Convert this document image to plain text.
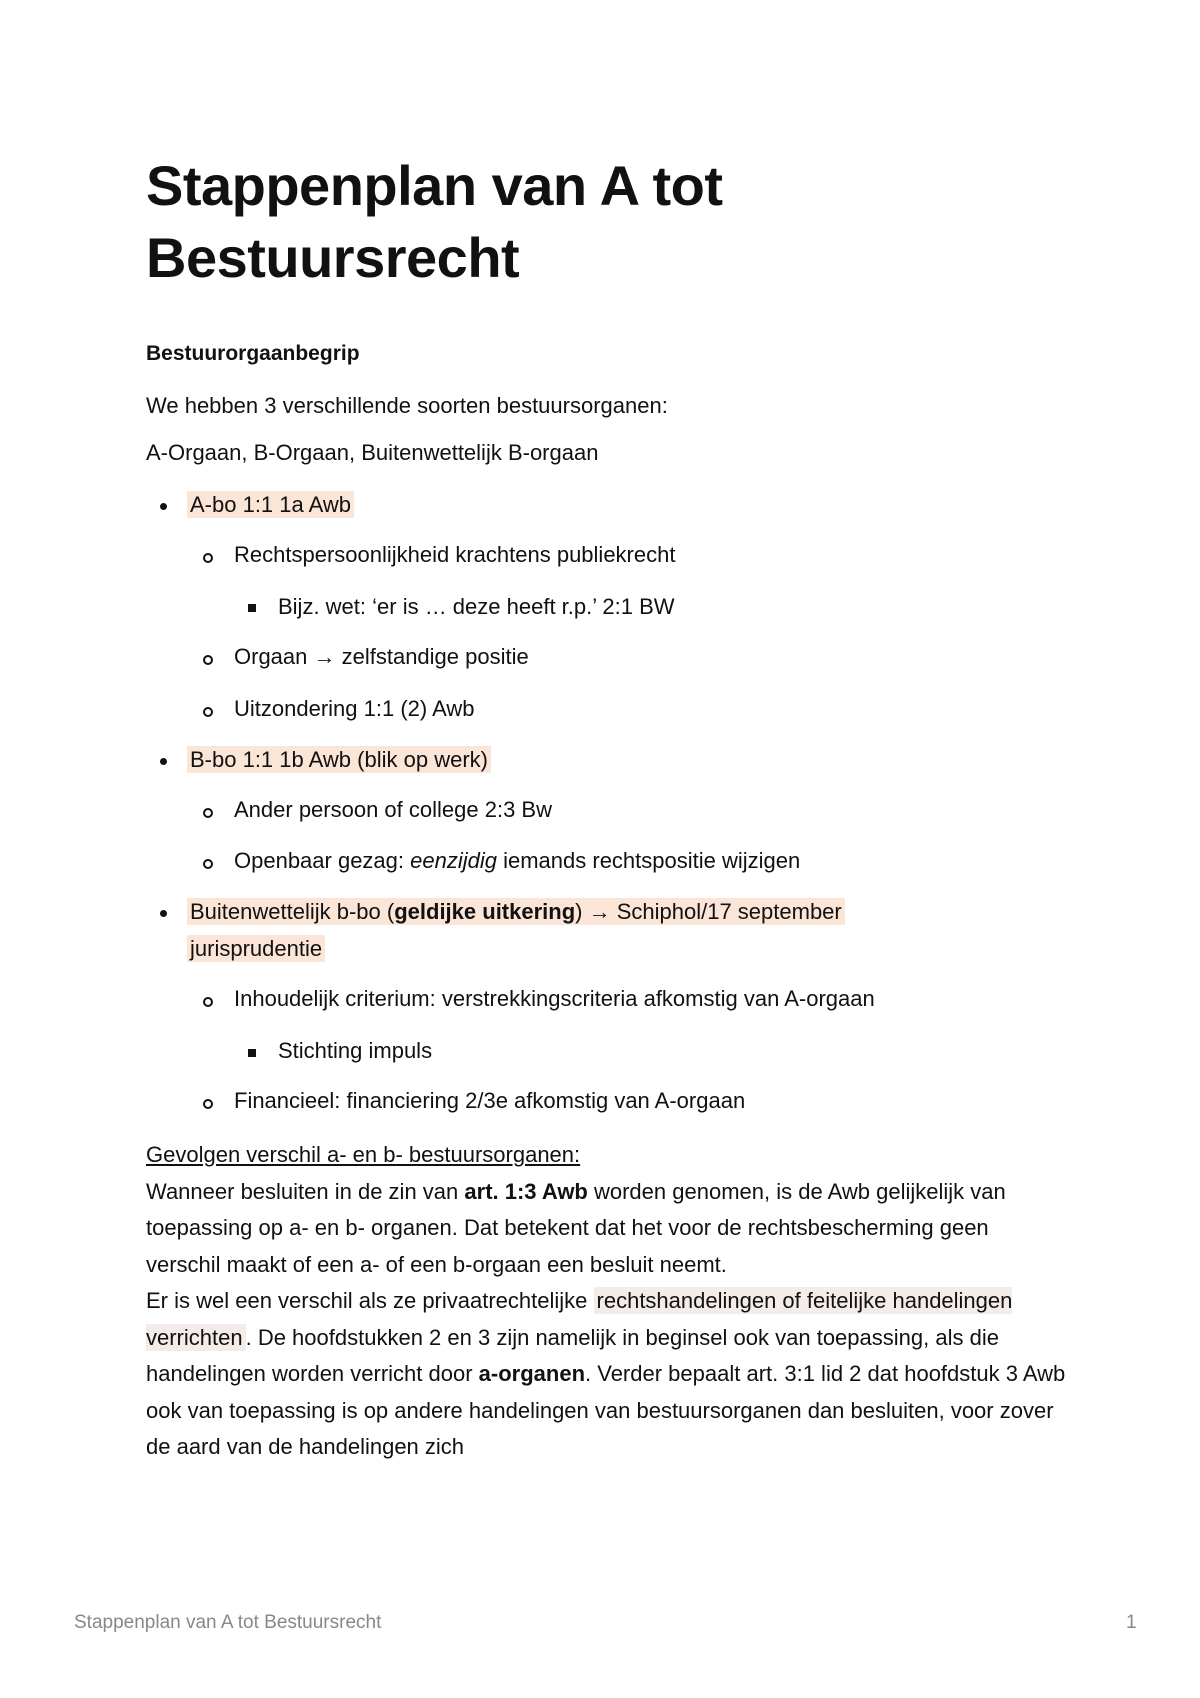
Stappenplan van A tot
Bestuursrecht
Bestuurorgaanbegrip
We hebben 3 verschillende soorten bestuursorganen:
A-Orgaan, B-Orgaan, Buitenwettelijk B-orgaan
A-bo 1:1 1a Awb
Rechtspersoonlijkheid krachtens publiekrecht
Bijz. wet: ‘er is … deze heeft r.p.’ 2:1 BW
Orgaan → zelfstandige positie
Uitzondering 1:1 (2) Awb
B-bo 1:1 1b Awb (blik op werk)
Ander persoon of college 2:3 Bw
Openbaar gezag: eenzijdig iemands rechtspositie wijzigen
Buitenwettelijk b-bo (geldijke uitkering) → Schiphol/17 september
jurisprudentie
Inhoudelijk criterium: verstrekkingscriteria afkomstig van A-orgaan
Stichting impuls
Financieel: financiering 2/3e afkomstig van A-orgaan
Gevolgen verschil a- en b- bestuursorganen:
Wanneer besluiten in de zin van art. 1:3 Awb worden genomen, is de Awb gelijkelijk van toepassing op a- en b- organen. Dat betekent dat het voor de rechtsbescherming geen verschil maakt of een a- of een b-orgaan een besluit neemt.
Er is wel een verschil als ze privaatrechtelijke rechtshandelingen of feitelijke handelingen verrichten . De hoofdstukken 2 en 3 zijn namelijk in beginsel ook van toepassing, als die handelingen worden verricht door a-organen. Verder bepaalt art. 3:1 lid 2 dat hoofdstuk 3 Awb ook van toepassing is op andere handelingen van bestuursorganen dan besluiten, voor zover de aard van de handelingen zich
Stappenplan van A tot Bestuursrecht	1
